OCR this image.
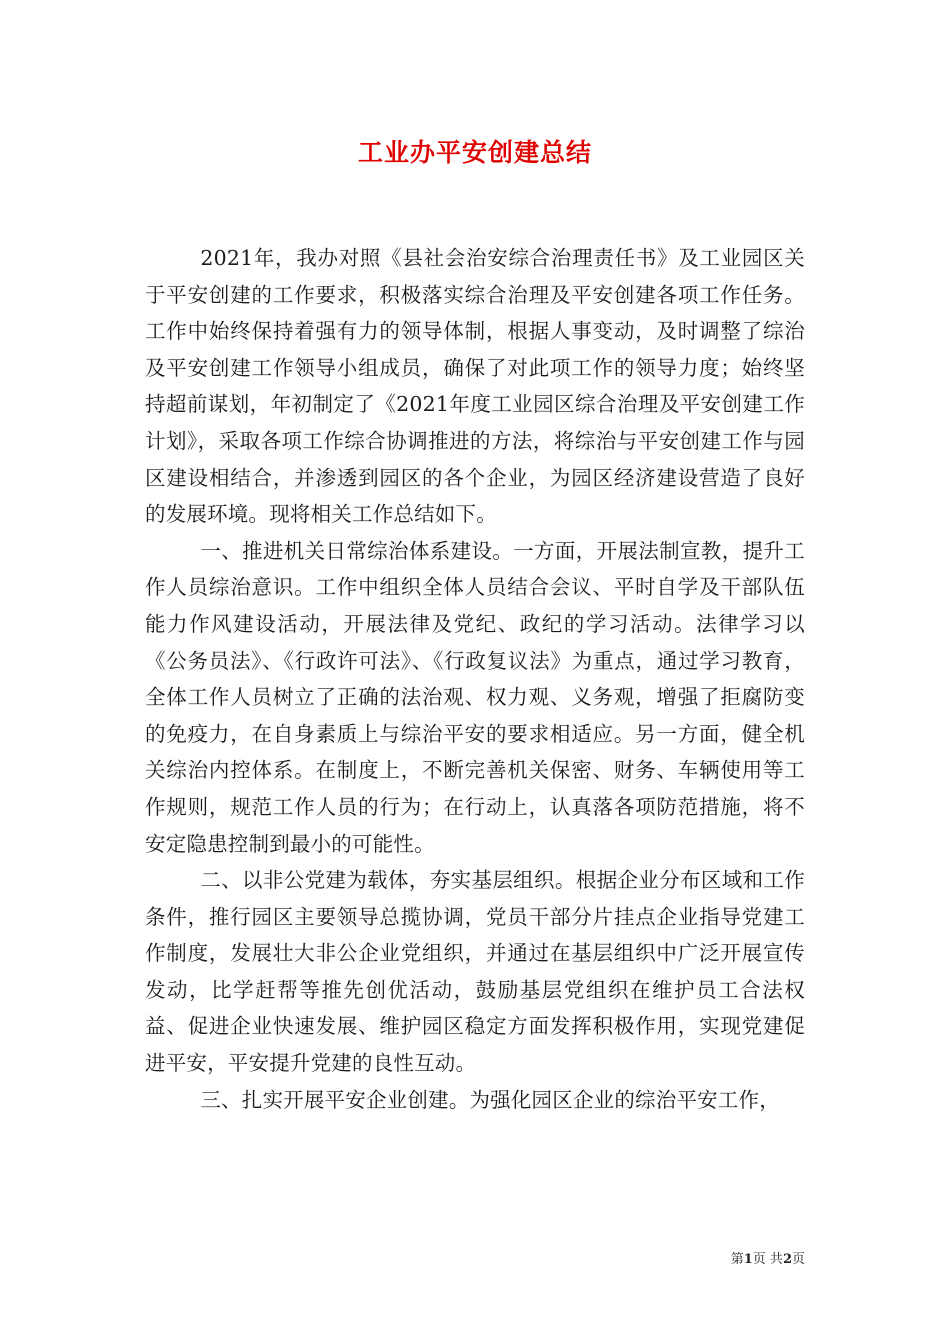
工业办平安创建总结

2021年，我办对照《县社会治安综合治理责任书》及工业园区关于平安创建的工作要求，积极落实综合治理及平安创建各项工作任务。工作中始终保持着强有力的领导体制，根据人事变动，及时调整了综治及平安创建工作领导小组成员，确保了对此项工作的领导力度；始终坚持超前谋划，年初制定了《2021年度工业园区综合治理及平安创建工作计划》，采取各项工作综合协调推进的方法，将综治与平安创建工作与园区建设相结合，并渗透到园区的各个企业，为园区经济建设营造了良好的发展环境。现将相关工作总结如下。

一、推进机关日常综治体系建设。一方面，开展法制宣教，提升工作人员综治意识。工作中组织全体人员结合会议、平时自学及干部队伍能力作风建设活动，开展法律及党纪、政纪的学习活动。法律学习以《公务员法》、《行政许可法》、《行政复议法》为重点，通过学习教育，全体工作人员树立了正确的法治观、权力观、义务观，增强了拒腐防变的免疫力，在自身素质上与综治平安的要求相适应。另一方面，健全机关综治内控体系。在制度上，不断完善机关保密、财务、车辆使用等工作规则，规范工作人员的行为；在行动上，认真落各项防范措施，将不安定隐患控制到最小的可能性。

二、以非公党建为载体，夯实基层组织。根据企业分布区域和工作条件，推行园区主要领导总揽协调，党员干部分片挂点企业指导党建工作制度，发展壮大非公企业党组织，并通过在基层组织中广泛开展宣传发动，比学赶帮等推先创优活动，鼓励基层党组织在维护员工合法权益、促进企业快速发展、维护园区稳定方面发挥积极作用，实现党建促进平安，平安提升党建的良性互动。

三、扎实开展平安企业创建。为强化园区企业的综治平安工作，

第1页 共2页
